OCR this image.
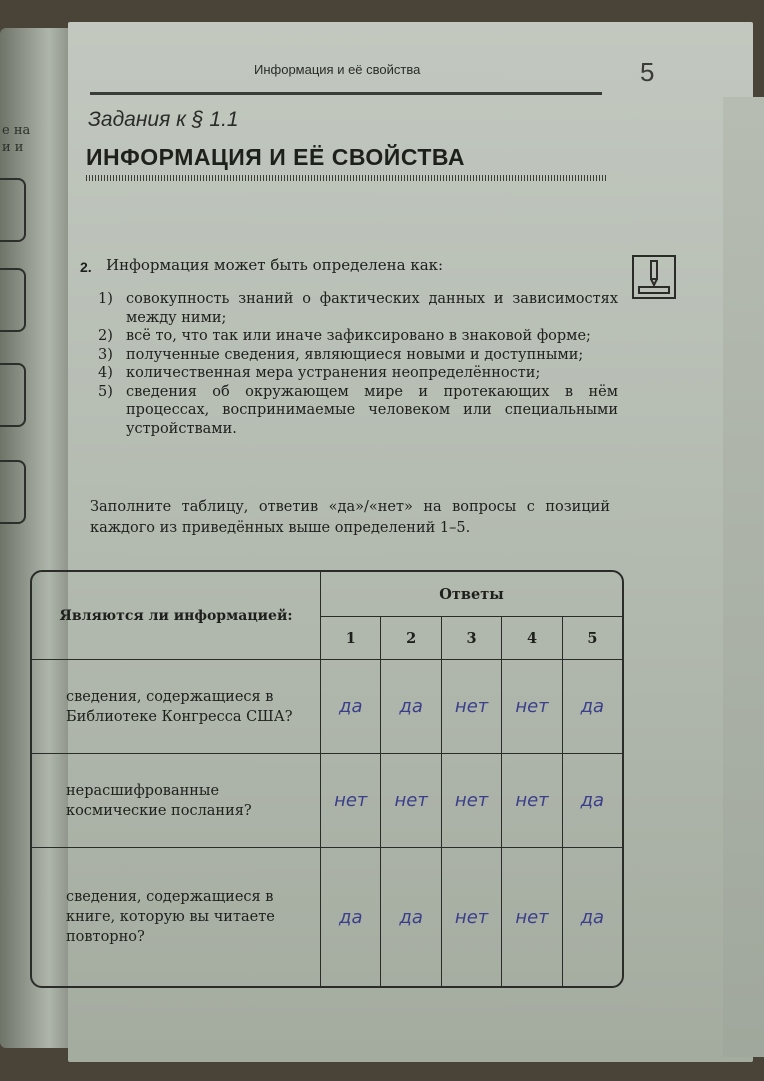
е на
и и
Информация и её свойства	5
Задания к § 1.1
ИНФОРМАЦИЯ И ЕЁ СВОЙСТВА
2. Информация может быть определена как:
1) совокупность знаний о фактических данных и зависимостях между ними;
2) всё то, что так или иначе зафиксировано в знаковой форме;
3) полученные сведения, являющиеся новыми и доступными;
4) количественная мера устранения неопределённости;
5) сведения об окружающем мире и протекающих в нём процессах, воспринимаемые человеком или специальными устройствами.

Заполните таблицу, ответив «да»/«нет» на вопросы с позиций каждого из приведённых выше определений 1–5.

Являются ли информацией:	Ответы				
	1	2	3	4	5
сведения, содержащиеся в Библиотеке Конгресса США?	да	да	нет	нет	да
нерасшифрованные космические послания?	нет	нет	нет	нет	да
сведения, содержащиеся в книге, которую вы читаете повторно?	да	да	нет	нет	да
